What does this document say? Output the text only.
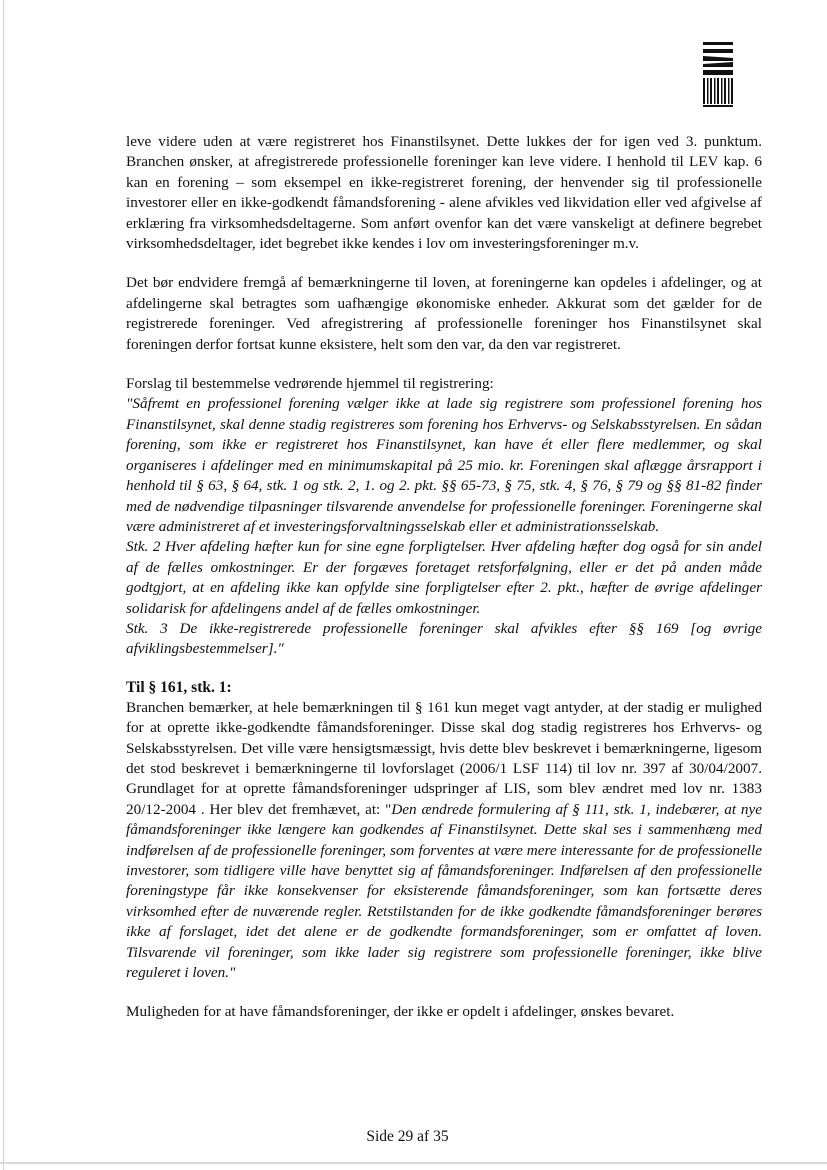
leve videre uden at være registreret hos Finanstilsynet. Dette lukkes der for igen ved 3. punktum. Branchen ønsker, at afregistrerede professionelle foreninger kan leve videre. I henhold til LEV kap. 6 kan en forening – som eksempel en ikke-registreret forening, der henvender sig til professionelle investorer eller en ikke-godkendt fåmandsforening - alene afvikles ved likvidation eller ved afgivelse af erklæring fra virksomhedsdeltagerne. Som anført ovenfor kan det være vanskeligt at definere begrebet virksomhedsdeltager, idet begrebet ikke kendes i lov om investeringsforeninger m.v.

Det bør endvidere fremgå af bemærkningerne til loven, at foreningerne kan opdeles i afdelinger, og at afdelingerne skal betragtes som uafhængige økonomiske enheder. Akkurat som det gælder for de registrerede foreninger. Ved afregistrering af professionelle foreninger hos Finanstilsynet skal foreningen derfor fortsat kunne eksistere, helt som den var, da den var registreret.

Forslag til bestemmelse vedrørende hjemmel til registrering:

"Såfremt en professionel forening vælger ikke at lade sig registrere som professionel forening hos Finanstilsynet, skal denne stadig registreres som forening hos Erhvervs- og Selskabsstyrelsen. En sådan forening, som ikke er registreret hos Finanstilsynet, kan have ét eller flere medlemmer, og skal organiseres i afdelinger med en minimumskapital på 25 mio. kr. Foreningen skal aflægge årsrapport i henhold til § 63, § 64, stk. 1 og stk. 2, 1. og 2. pkt. §§ 65-73, § 75, stk. 4, § 76, § 79 og §§ 81-82 finder med de nødvendige tilpasninger tilsvarende anvendelse for professionelle foreninger. Foreningerne skal være administreret af et investeringsforvaltningsselskab eller et administrationsselskab.

Stk. 2 Hver afdeling hæfter kun for sine egne forpligtelser. Hver afdeling hæfter dog også for sin andel af de fælles omkostninger. Er der forgæves foretaget retsforfølgning, eller er det på anden måde godtgjort, at en afdeling ikke kan opfylde sine forpligtelser efter 2. pkt., hæfter de øvrige afdelinger solidarisk for afdelingens andel af de fælles omkostninger.

Stk. 3 De ikke-registrerede professionelle foreninger skal afvikles efter §§ 169 [og øvrige afviklingsbestemmelser]."

Til § 161, stk. 1:

Branchen bemærker, at hele bemærkningen til § 161 kun meget vagt antyder, at der stadig er mulighed for at oprette ikke-godkendte fåmandsforeninger. Disse skal dog stadig registreres hos Erhvervs- og Selskabsstyrelsen. Det ville være hensigtsmæssigt, hvis dette blev beskrevet i bemærkningerne, ligesom det stod beskrevet i bemærkningerne til lovforslaget (2006/1 LSF 114) til lov nr. 397 af 30/04/2007. Grundlaget for at oprette fåmandsforeninger udspringer af LIS, som blev ændret med lov nr. 1383 20/12-2004 . Her blev det fremhævet, at: "Den ændrede formulering af § 111, stk. 1, indebærer, at nye fåmandsforeninger ikke længere kan godkendes af Finanstilsynet. Dette skal ses i sammenhæng med indførelsen af de professionelle foreninger, som forventes at være mere interessante for de professionelle investorer, som tidligere ville have benyttet sig af fåmandsforeninger. Indførelsen af den professionelle foreningstype får ikke konsekvenser for eksisterende fåmandsforeninger, som kan fortsætte deres virksomhed efter de nuværende regler. Retstilstanden for de ikke godkendte fåmandsforeninger berøres ikke af forslaget, idet det alene er de godkendte formandsforeninger, som er omfattet af loven. Tilsvarende vil foreninger, som ikke lader sig registrere som professionelle foreninger, ikke blive reguleret i loven."

Muligheden for at have fåmandsforeninger, der ikke er opdelt i afdelinger, ønskes bevaret.

Side 29 af 35
